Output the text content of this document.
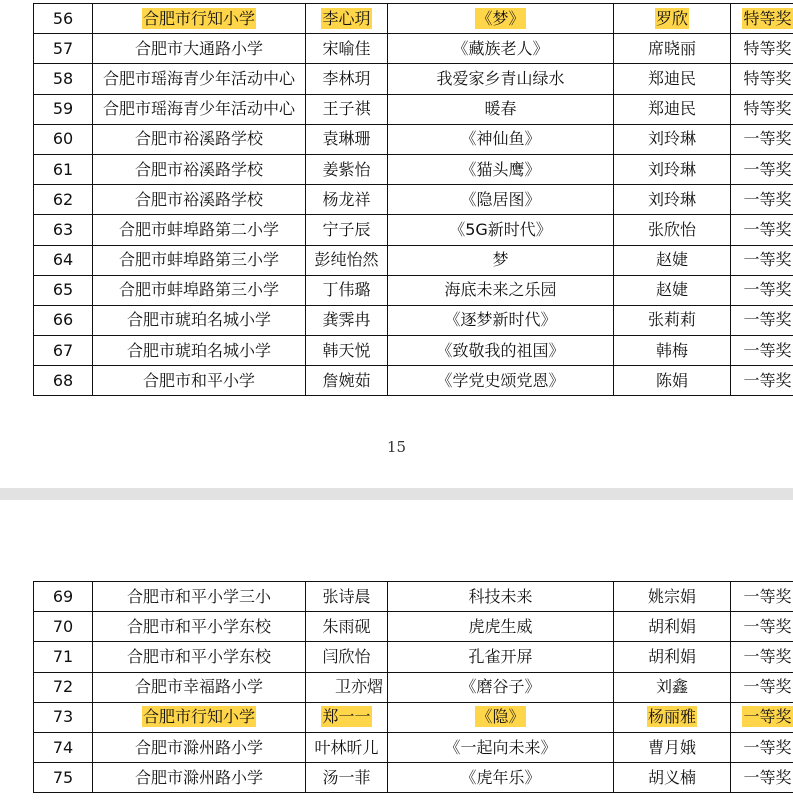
56	合肥市行知小学	李心玥	《梦》	罗欣	特等奖
57	合肥市大通路小学	宋喻佳	《藏族老人》	席晓丽	特等奖
58	合肥市瑶海青少年活动中心	李林玥	我爱家乡青山绿水	郑迪民	特等奖
59	合肥市瑶海青少年活动中心	王子祺	暖春	郑迪民	特等奖
60	合肥市裕溪路学校	袁琳珊	《神仙鱼》	刘玲琳	一等奖
61	合肥市裕溪路学校	姜紫怡	《猫头鹰》	刘玲琳	一等奖
62	合肥市裕溪路学校	杨龙祥	《隐居图》	刘玲琳	一等奖
63	合肥市蚌埠路第二小学	宁子辰	《5G新时代》	张欣怡	一等奖
64	合肥市蚌埠路第三小学	彭纯怡然	梦	赵婕	一等奖
65	合肥市蚌埠路第三小学	丁伟璐	海底未来之乐园	赵婕	一等奖
66	合肥市琥珀名城小学	龚霁冉	《逐梦新时代》	张莉莉	一等奖
67	合肥市琥珀名城小学	韩天悦	《致敬我的祖国》	韩梅	一等奖
68	合肥市和平小学	詹婉茹	《学党史颂党恩》	陈娟	一等奖
15
69	合肥市和平小学三小	张诗晨	科技未来	姚宗娟	一等奖
70	合肥市和平小学东校	朱雨砚	虎虎生威	胡利娟	一等奖
71	合肥市和平小学东校	闫欣怡	孔雀开屏	胡利娟	一等奖
72	合肥市幸福路小学	卫亦熠	《磨谷子》	刘鑫	一等奖
73	合肥市行知小学	郑一一	《隐》	杨丽雅	一等奖
74	合肥市滁州路小学	叶林昕儿	《一起向未来》	曹月娥	一等奖
75	合肥市滁州路小学	汤一菲	《虎年乐》	胡义楠	一等奖
